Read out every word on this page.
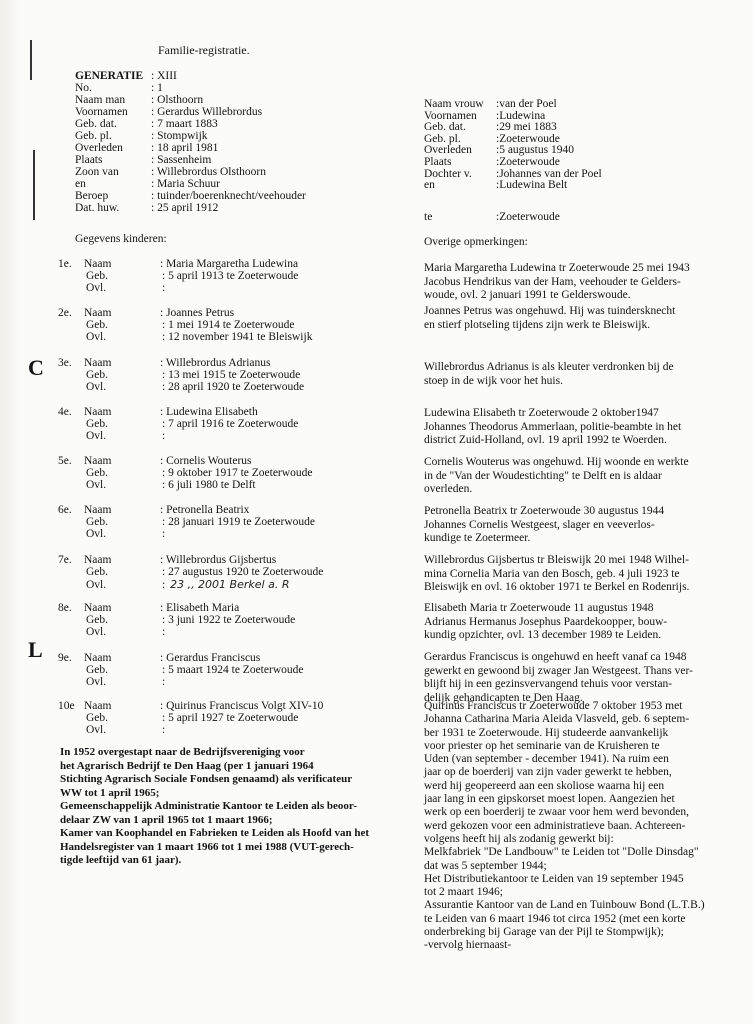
C
L
Familie-registratie.
GENERATIE : XIII
No.	: 1
Naam man : Olsthoorn
Voornamen : Gerardus Willebrordus
Geb. dat.	: 7 maart 1883
Geb. pl.	: Stompwijk
Overleden : 18 april 1981
Plaats	: Sassenheim
Zoon van	: Willebrordus Olsthoorn
en	: Maria Schuur
Beroep	: tuinder/boerenknecht/veehouder
Dat. huw.	: 25 april 1912
Naam vrouw :van der Poel
Voornamen :Ludewina
Geb. dat.	:29 mei 1883
Geb. pl.	:Zoeterwoude
Overleden :5 augustus 1940
Plaats	:Zoeterwoude
Dochter v. :Johannes van der Poel
en	:Ludewina Belt
te	:Zoeterwoude
Gegevens kinderen:	Overige opmerkingen:
1e. Naam	: Maria Margaretha Ludewina
Geb.	: 5 april 1913 te Zoeterwoude
Ovl.	:
2e. Naam	: Joannes Petrus
Geb.	: 1 mei 1914 te Zoeterwoude
Ovl.	: 12 november 1941 te Bleiswijk
3e. Naam	: Willebrordus Adrianus
Geb.	: 13 mei 1915 te Zoeterwoude
Ovl.	: 28 april 1920 te Zoeterwoude
4e. Naam	: Ludewina Elisabeth
Geb.	: 7 april 1916 te Zoeterwoude
Ovl.	:
5e. Naam	: Cornelis Wouterus
Geb.	: 9 oktober 1917 te Zoeterwoude
Ovl.	: 6 juli 1980 te Delft
6e. Naam	: Petronella Beatrix
Geb.	: 28 januari 1919 te Zoeterwoude
Ovl.	:
7e. Naam	: Willebrordus Gijsbertus
Geb.	: 27 augustus 1920 te Zoeterwoude
Ovl.	: 23 ,, 2001 Berkel a. R
8e. Naam	: Elisabeth Maria
Geb.	: 3 juni 1922 te Zoeterwoude
Ovl.	:
9e. Naam	: Gerardus Franciscus
Geb.	: 5 maart 1924 te Zoeterwoude
Ovl.	:
10e Naam	: Quirinus Franciscus Volgt XIV-10
Geb.	: 5 april 1927 te Zoeterwoude
Ovl.	:
Maria Margaretha Ludewina tr Zoeterwoude 25 mei 1943
Jacobus Hendrikus van der Ham, veehouder te Gelders-
woude, ovl. 2 januari 1991 te Gelderswoude.
Joannes Petrus was ongehuwd. Hij was tuindersknecht
en stierf plotseling tijdens zijn werk te Bleiswijk.
Willebrordus Adrianus is als kleuter verdronken bij de
stoep in de wijk voor het huis.
Ludewina Elisabeth tr Zoeterwoude 2 oktober1947
Johannes Theodorus Ammerlaan, politie-beambte in het
district Zuid-Holland, ovl. 19 april 1992 te Woerden.
Cornelis Wouterus was ongehuwd. Hij woonde en werkte
in de "Van der Woudestichting" te Delft en is aldaar
overleden.
Petronella Beatrix tr Zoeterwoude 30 augustus 1944
Johannes Cornelis Westgeest, slager en veeverlos-
kundige te Zoetermeer.
Willebrordus Gijsbertus tr Bleiswijk 20 mei 1948 Wilhel-
mina Cornelia Maria van den Bosch, geb. 4 juli 1923 te
Bleiswijk en ovl. 16 oktober 1971 te Berkel en Rodenrijs.
Elisabeth Maria tr Zoeterwoude 11 augustus 1948
Adrianus Hermanus Josephus Paardekoopper, bouw-
kundig opzichter, ovl. 13 december 1989 te Leiden.
Gerardus Franciscus is ongehuwd en heeft vanaf ca 1948
gewerkt en gewoond bij zwager Jan Westgeest. Thans ver-
blijft hij in een gezinsvervangend tehuis voor verstan-
delijk gehandicapten te Den Haag.
Quirinus Franciscus tr Zoeterwoude 7 oktober 1953 met
Johanna Catharina Maria Aleida Vlasveld, geb. 6 septem-
ber 1931 te Zoeterwoude. Hij studeerde aanvankelijk
voor priester op het seminarie van de Kruisheren te
Uden (van september - december 1941). Na ruim een
jaar op de boerderij van zijn vader gewerkt te hebben,
werd hij geopereerd aan een skoliose waarna hij een
jaar lang in een gipskorset moest lopen. Aangezien het
werk op een boerderij te zwaar voor hem werd bevonden,
werd gekozen voor een administratieve baan. Achtereen-
volgens heeft hij als zodanig gewerkt bij:
Melkfabriek "De Landbouw" te Leiden tot "Dolle Dinsdag"
dat was 5 september 1944;
Het Distributiekantoor te Leiden van 19 september 1945
tot 2 maart 1946;
Assurantie Kantoor van de Land en Tuinbouw Bond (L.T.B.)
te Leiden van 6 maart 1946 tot circa 1952 (met een korte
onderbreking bij Garage van der Pijl te Stompwijk);
-vervolg hiernaast-
In 1952 overgestapt naar de Bedrijfsvereniging voor
het Agrarisch Bedrijf te Den Haag (per 1 januari 1964
Stichting Agrarisch Sociale Fondsen genaamd) als verificateur
WW tot 1 april 1965;
Gemeenschappelijk Administratie Kantoor te Leiden als beoor-
delaar ZW van 1 april 1965 tot 1 maart 1966;
Kamer van Koophandel en Fabrieken te Leiden als Hoofd van het
Handelsregister van 1 maart 1966 tot 1 mei 1988 (VUT-gerech-
tigde leeftijd van 61 jaar).
